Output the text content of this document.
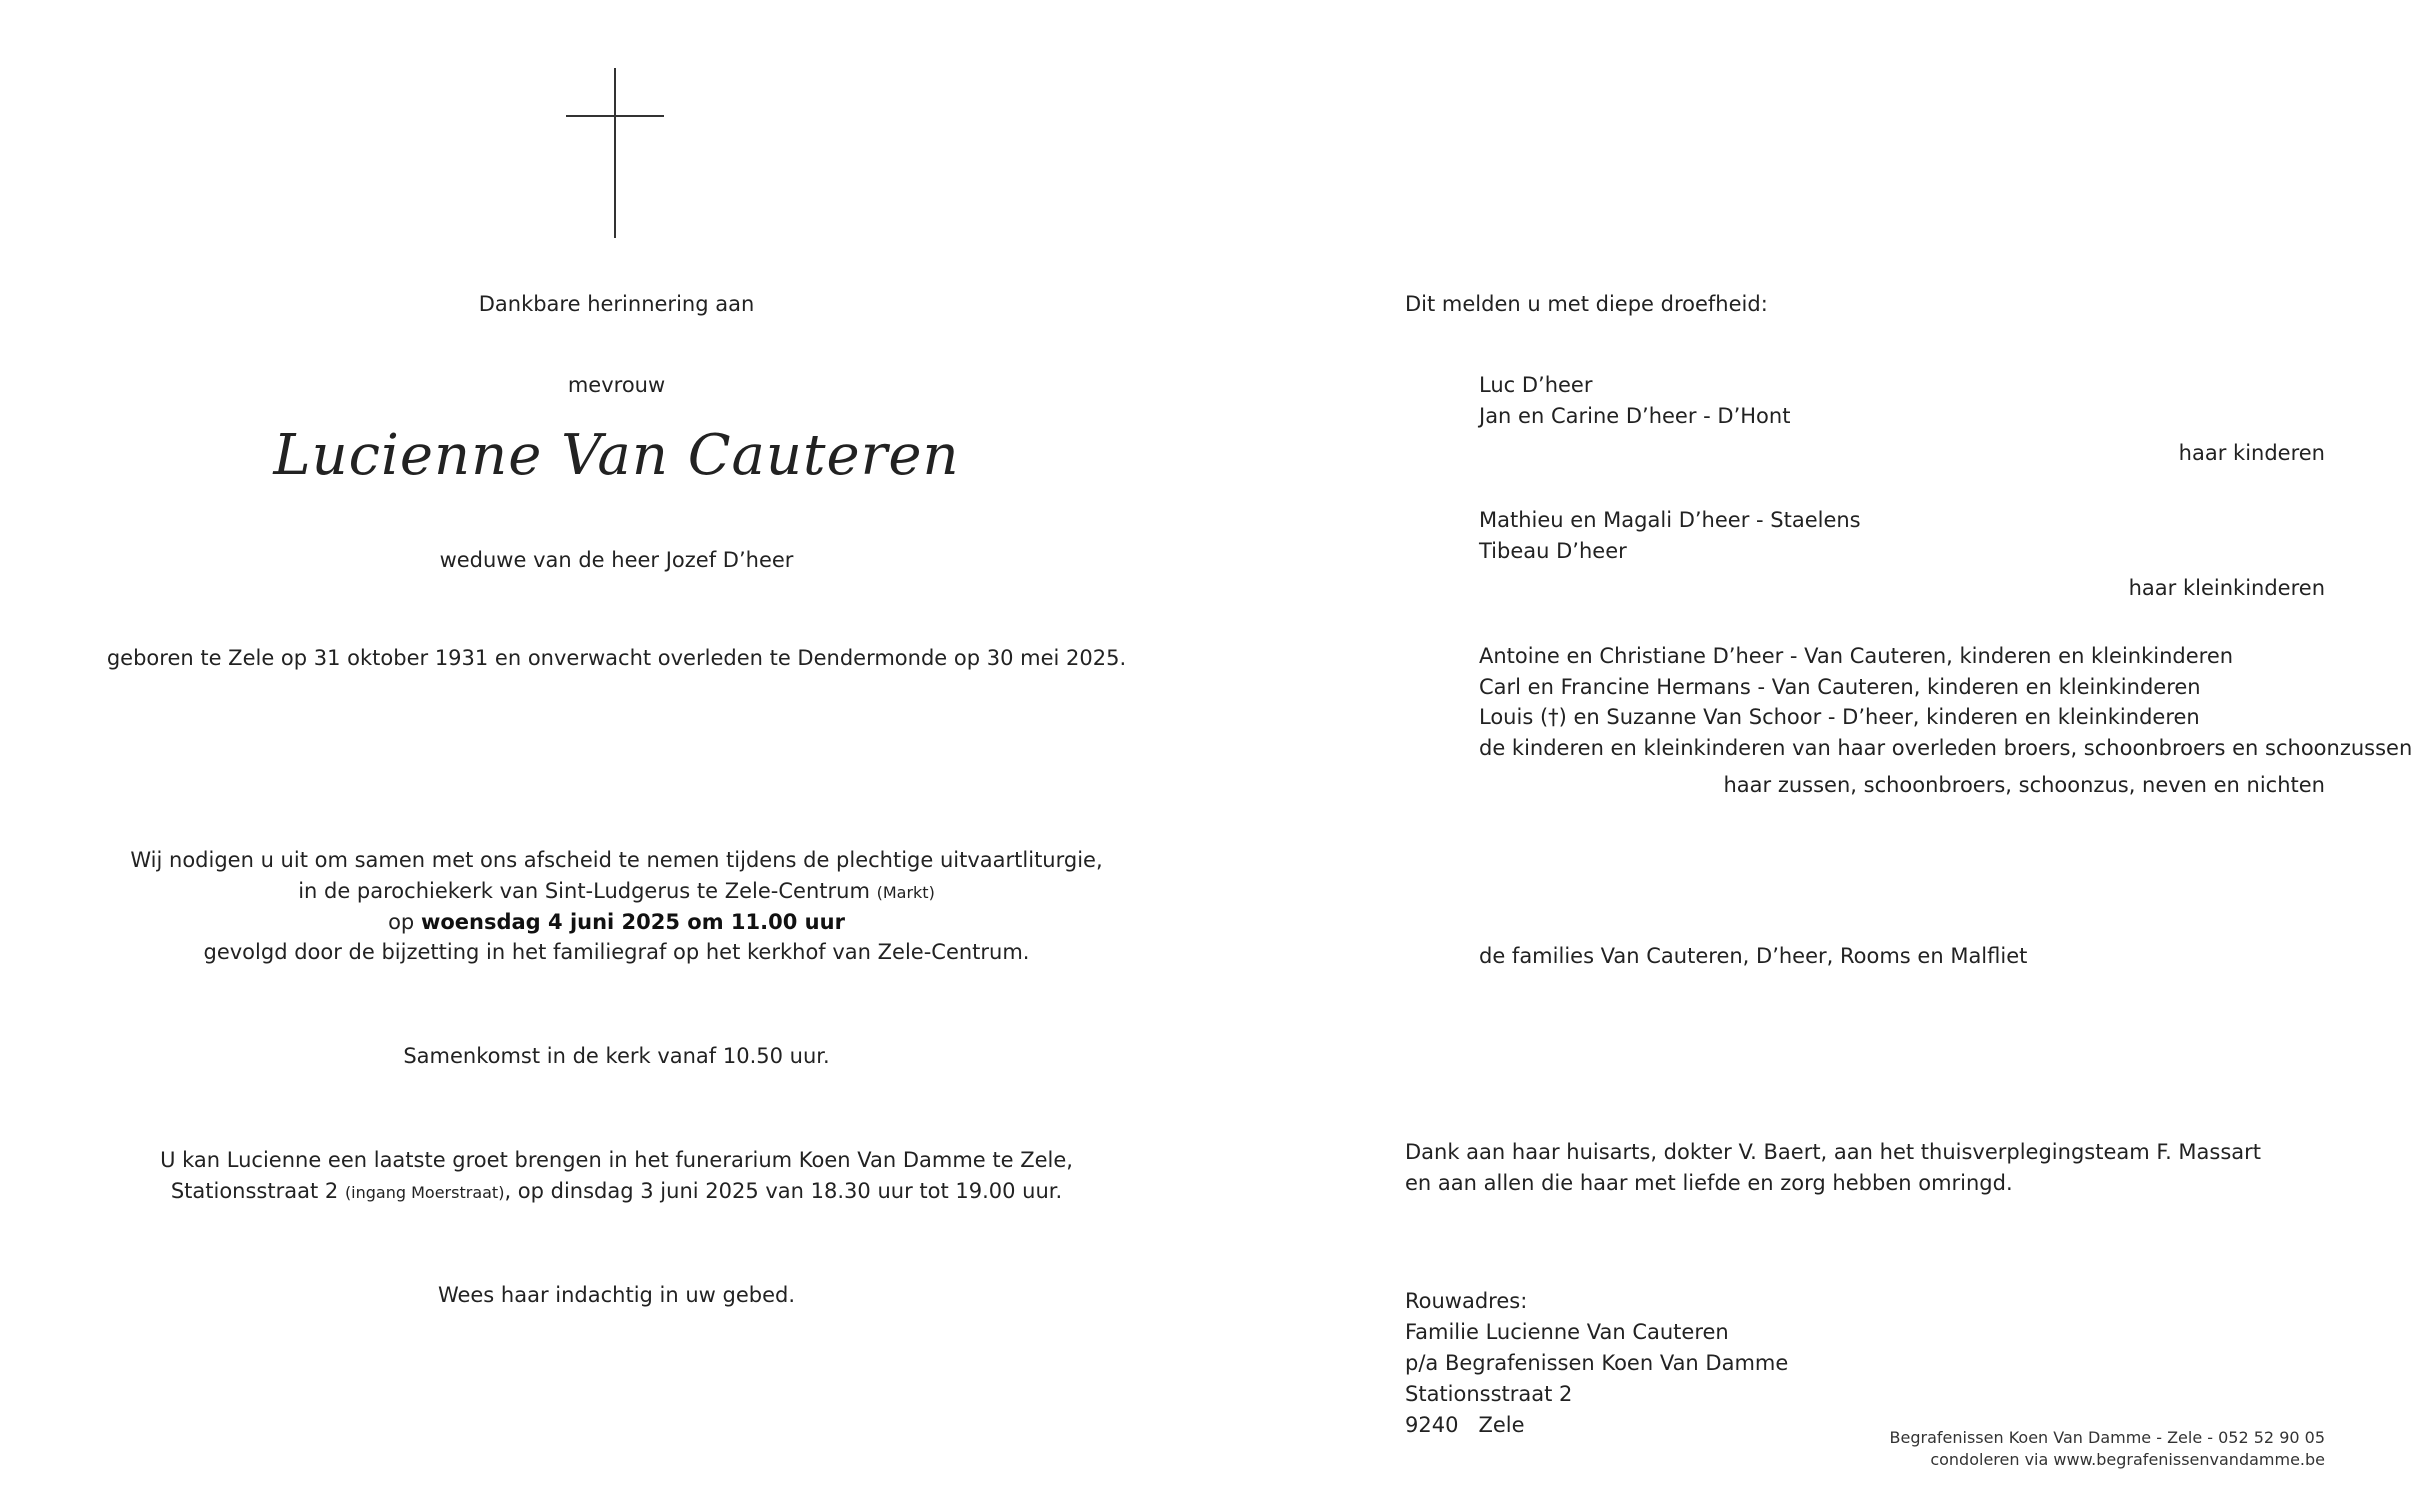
Dankbare herinnering aan
mevrouw
Lucienne Van Cauteren
weduwe van de heer Jozef D’heer
geboren te Zele op 31 oktober 1931 en onverwacht overleden te Dendermonde op 30 mei 2025.
Wij nodigen u uit om samen met ons afscheid te nemen tijdens de plechtige uitvaartliturgie,
in de parochiekerk van Sint-Ludgerus te Zele-Centrum (Markt)
op woensdag 4 juni 2025 om 11.00 uur
gevolgd door de bijzetting in het familiegraf op het kerkhof van Zele-Centrum.
Samenkomst in de kerk vanaf 10.50 uur.
U kan Lucienne een laatste groet brengen in het funerarium Koen Van Damme te Zele,
Stationsstraat 2 (ingang Moerstraat), op dinsdag 3 juni 2025 van 18.30 uur tot 19.00 uur.
Wees haar indachtig in uw gebed.
Dit melden u met diepe droefheid:
Luc D’heer
Jan en Carine D’heer - D’Hont
haar kinderen
Mathieu en Magali D’heer - Staelens
Tibeau D’heer
haar kleinkinderen
Antoine en Christiane D’heer - Van Cauteren, kinderen en kleinkinderen
Carl en Francine Hermans - Van Cauteren, kinderen en kleinkinderen
Louis (†) en Suzanne Van Schoor - D’heer, kinderen en kleinkinderen
de kinderen en kleinkinderen van haar overleden broers, schoonbroers en schoonzussen
haar zussen, schoonbroers, schoonzus, neven en nichten
de families Van Cauteren, D’heer, Rooms en Malfliet
Dank aan haar huisarts, dokter V. Baert, aan het thuisverplegingsteam F. Massart
en aan allen die haar met liefde en zorg hebben omringd.
Rouwadres:
Familie Lucienne Van Cauteren
p/a Begrafenissen Koen Van Damme
Stationsstraat 2
9240   Zele
Begrafenissen Koen Van Damme - Zele - 052 52 90 05
condoleren via www.begrafenissenvandamme.be
